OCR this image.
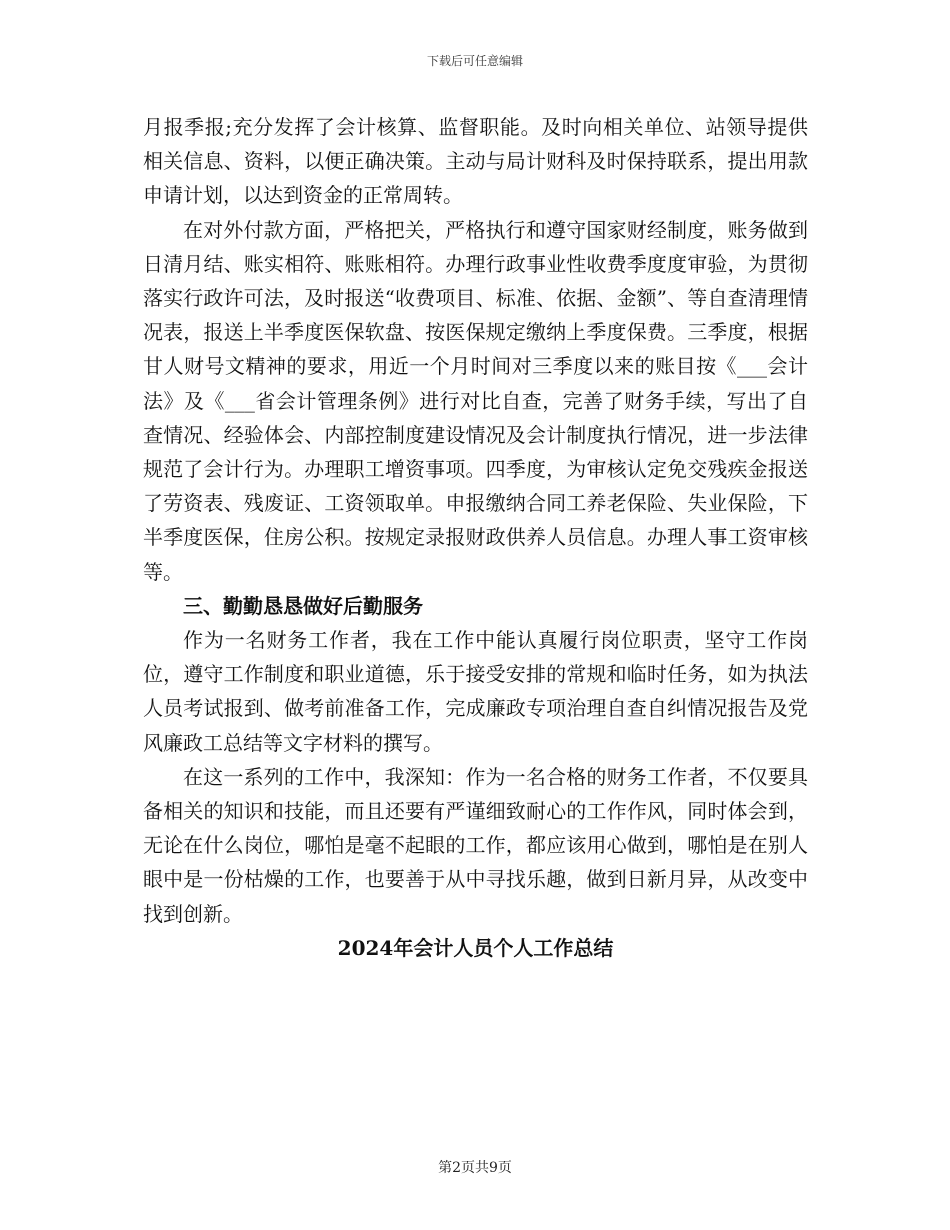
下载后可任意编辑

月报季报;充分发挥了会计核算、监督职能。及时向相关单位、站领导提供相关信息、资料，以便正确决策。主动与局计财科及时保持联系，提出用款申请计划，以达到资金的正常周转。

在对外付款方面，严格把关，严格执行和遵守国家财经制度，账务做到日清月结、账实相符、账账相符。办理行政事业性收费季度度审验，为贯彻落实行政许可法，及时报送“收费项目、标准、依据、金额”、等自查清理情况表，报送上半季度医保软盘、按医保规定缴纳上季度保费。三季度，根据甘人财号文精神的要求，用近一个月时间对三季度以来的账目按《___会计法》及《___省会计管理条例》进行对比自查，完善了财务手续，写出了自查情况、经验体会、内部控制度建设情况及会计制度执行情况，进一步法律规范了会计行为。办理职工增资事项。四季度，为审核认定免交残疾金报送了劳资表、残废证、工资领取单。申报缴纳合同工养老保险、失业保险，下半季度医保，住房公积。按规定录报财政供养人员信息。办理人事工资审核等。

三、勤勤恳恳做好后勤服务

作为一名财务工作者，我在工作中能认真履行岗位职责，坚守工作岗位，遵守工作制度和职业道德，乐于接受安排的常规和临时任务，如为执法人员考试报到、做考前准备工作，完成廉政专项治理自查自纠情况报告及党风廉政工总结等文字材料的撰写。

在这一系列的工作中，我深知：作为一名合格的财务工作者，不仅要具备相关的知识和技能，而且还要有严谨细致耐心的工作作风，同时体会到，无论在什么岗位，哪怕是毫不起眼的工作，都应该用心做到，哪怕是在别人眼中是一份枯燥的工作，也要善于从中寻找乐趣，做到日新月异，从改变中找到创新。

2024年会计人员个人工作总结

第2页共9页
